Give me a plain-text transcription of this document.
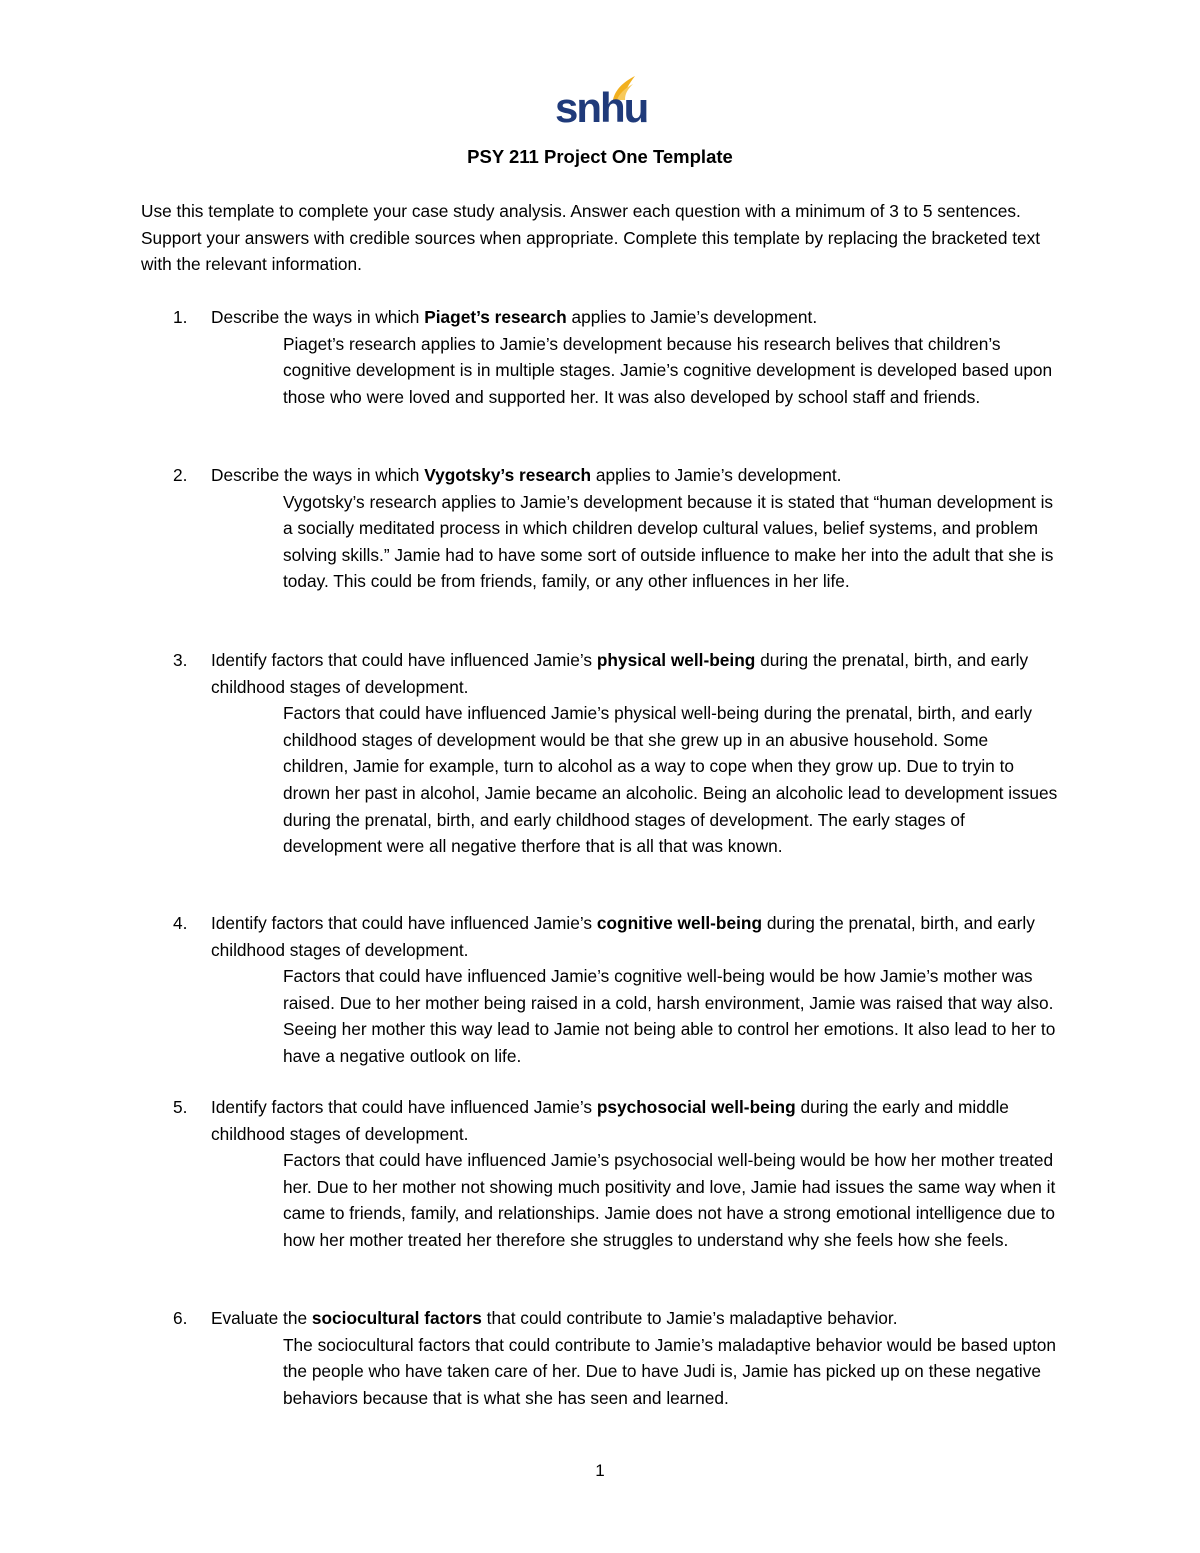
snhu
PSY 211 Project One Template
Use this template to complete your case study analysis. Answer each question with a minimum of 3 to 5 sentences. Support your answers with credible sources when appropriate. Complete this template by replacing the bracketed text with the relevant information.
1. Describe the ways in which Piaget’s research applies to Jamie’s development.
Piaget’s research applies to Jamie’s development because his research belives that children’s cognitive development is in multiple stages. Jamie’s cognitive development is developed based upon those who were loved and supported her. It was also developed by school staff and friends.
2. Describe the ways in which Vygotsky’s research applies to Jamie’s development.
Vygotsky’s research applies to Jamie’s development because it is stated that “human development is a socially meditated process in which children develop cultural values, belief systems, and problem solving skills.” Jamie had to have some sort of outside influence to make her into the adult that she is today. This could be from friends, family, or any other influences in her life.
3. Identify factors that could have influenced Jamie’s physical well-being during the prenatal, birth, and early childhood stages of development.
Factors that could have influenced Jamie’s physical well-being during the prenatal, birth, and early childhood stages of development would be that she grew up in an abusive household. Some children, Jamie for example, turn to alcohol as a way to cope when they grow up. Due to tryin to drown her past in alcohol, Jamie became an alcoholic. Being an alcoholic lead to development issues during the prenatal, birth, and early childhood stages of development. The early stages of development were all negative therfore that is all that was known.
4. Identify factors that could have influenced Jamie’s cognitive well-being during the prenatal, birth, and early childhood stages of development.
Factors that could have influenced Jamie’s cognitive well-being would be how Jamie’s mother was raised. Due to her mother being raised in a cold, harsh environment, Jamie was raised that way also. Seeing her mother this way lead to Jamie not being able to control her emotions. It also lead to her to have a negative outlook on life.
5. Identify factors that could have influenced Jamie’s psychosocial well-being during the early and middle childhood stages of development.
Factors that could have influenced Jamie’s psychosocial well-being would be how her mother treated her. Due to her mother not showing much positivity and love, Jamie had issues the same way when it came to friends, family, and relationships. Jamie does not have a strong emotional intelligence due to how her mother treated her therefore she struggles to understand why she feels how she feels.
6. Evaluate the sociocultural factors that could contribute to Jamie’s maladaptive behavior.
The sociocultural factors that could contribute to Jamie’s maladaptive behavior would be based upton the people who have taken care of her. Due to have Judi is, Jamie has picked up on these negative behaviors because that is what she has seen and learned.
1
